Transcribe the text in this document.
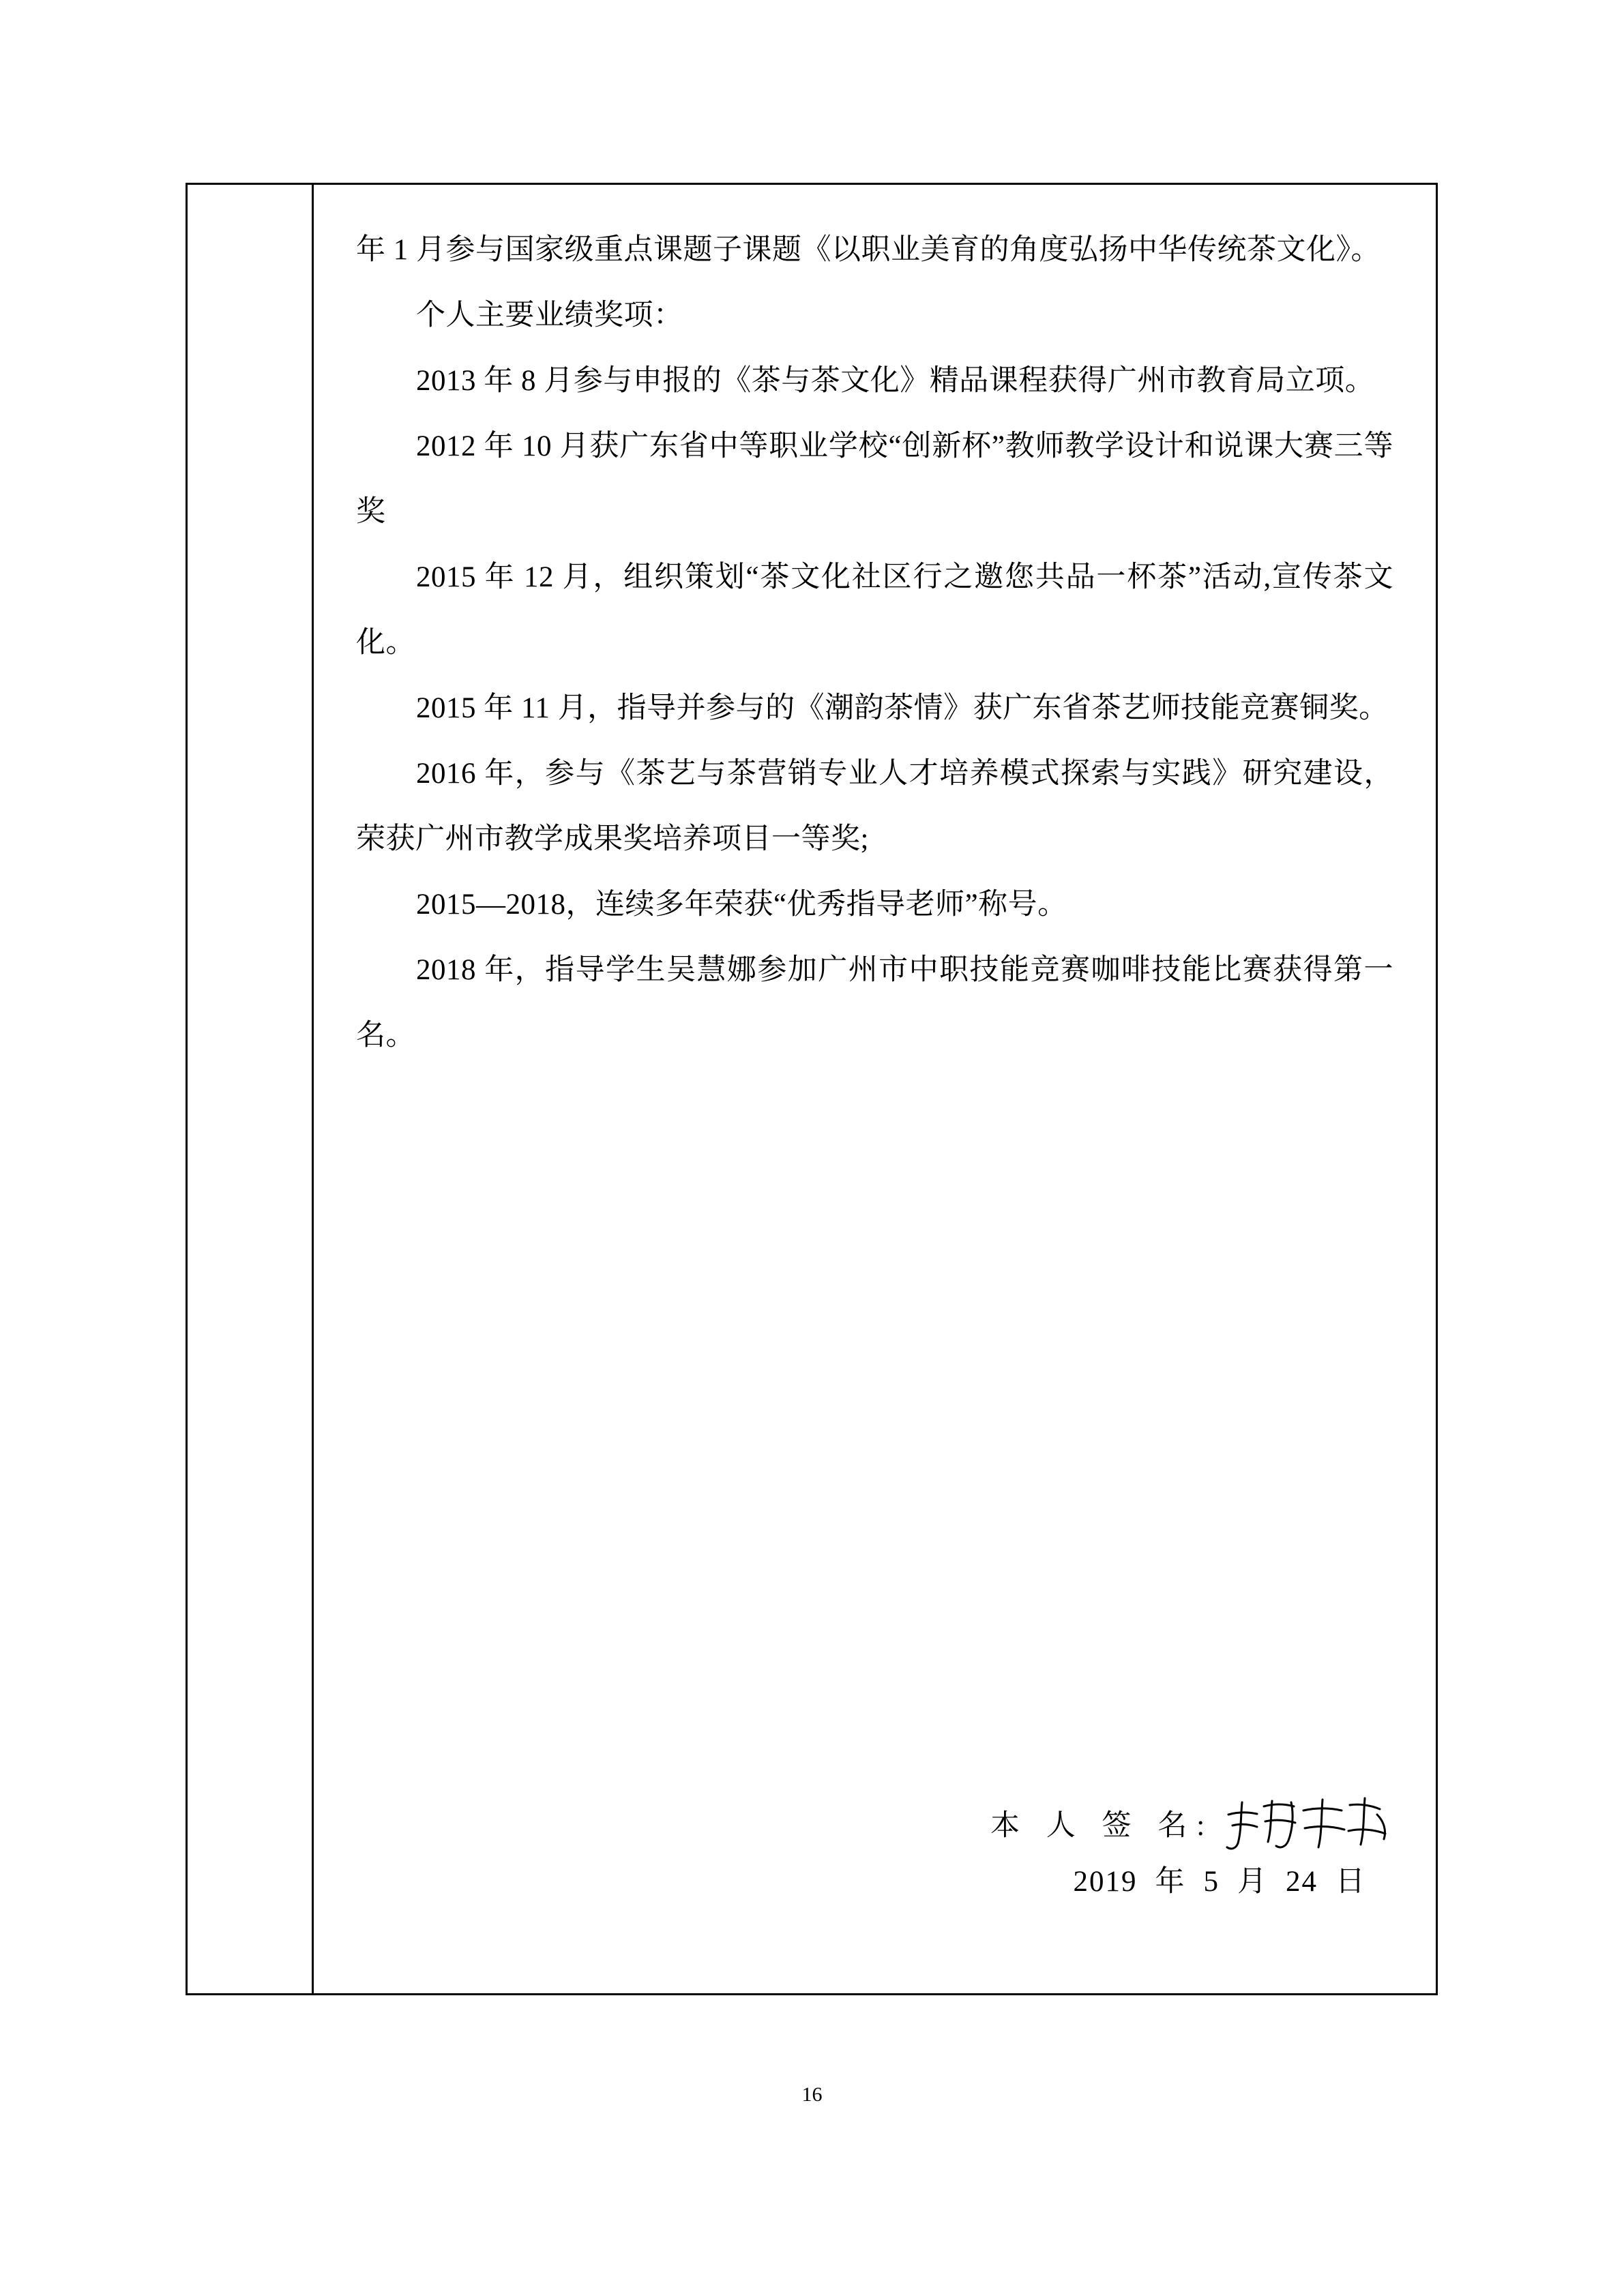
年 1 月参与国家级重点课题子课题《以职业美育的角度弘扬中华传统茶文化》。

个人主要业绩奖项：

2013 年 8 月参与申报的《茶与茶文化》精品课程获得广州市教育局立项。

2012 年 10 月获广东省中等职业学校“创新杯”教师教学设计和说课大赛三等奖

2015 年 12 月，组织策划“茶文化社区行之邀您共品一杯茶”活动,宣传茶文化。

2015 年 11 月，指导并参与的《潮韵茶情》获广东省茶艺师技能竞赛铜奖。

2016 年，参与《茶艺与茶营销专业人才培养模式探索与实践》研究建设，荣获广州市教学成果奖培养项目一等奖;

2015—2018，连续多年荣获“优秀指导老师”称号。

2018 年，指导学生吴慧娜参加广州市中职技能竞赛咖啡技能比赛获得第一名。

本 人 签 名:
2019 年 5 月 24 日
16
